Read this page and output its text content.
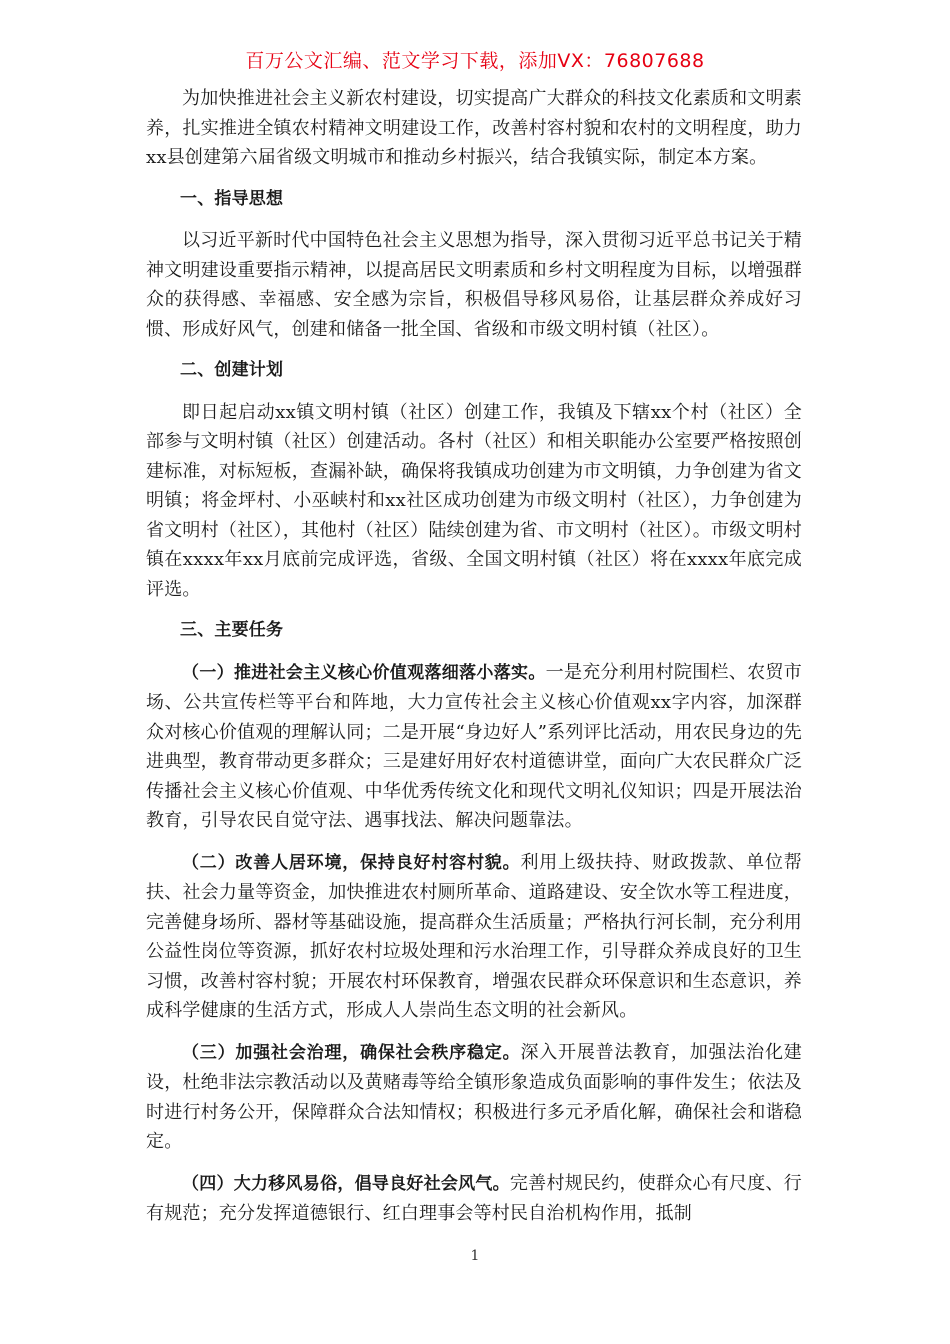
百万公文汇编、范文学习下载，添加VX：76807688

为加快推进社会主义新农村建设，切实提高广大群众的科技文化素质和文明素养，扎实推进全镇农村精神文明建设工作，改善村容村貌和农村的文明程度，助力xx县创建第六届省级文明城市和推动乡村振兴，结合我镇实际，制定本方案。

一、指导思想

以习近平新时代中国特色社会主义思想为指导，深入贯彻习近平总书记关于精神文明建设重要指示精神，以提高居民文明素质和乡村文明程度为目标，以增强群众的获得感、幸福感、安全感为宗旨，积极倡导移风易俗，让基层群众养成好习惯、形成好风气，创建和储备一批全国、省级和市级文明村镇（社区）。

二、创建计划

即日起启动xx镇文明村镇（社区）创建工作，我镇及下辖xx个村（社区）全部参与文明村镇（社区）创建活动。各村（社区）和相关职能办公室要严格按照创建标准，对标短板，查漏补缺，确保将我镇成功创建为市文明镇，力争创建为省文明镇；将金坪村、小巫峡村和xx社区成功创建为市级文明村（社区），力争创建为省文明村（社区），其他村（社区）陆续创建为省、市文明村（社区）。市级文明村镇在xxxx年xx月底前完成评选，省级、全国文明村镇（社区）将在xxxx年底完成评选。

三、主要任务

（一）推进社会主义核心价值观落细落小落实。一是充分利用村院围栏、农贸市场、公共宣传栏等平台和阵地，大力宣传社会主义核心价值观xx字内容，加深群众对核心价值观的理解认同；二是开展“身边好人”系列评比活动，用农民身边的先进典型，教育带动更多群众；三是建好用好农村道德讲堂，面向广大农民群众广泛传播社会主义核心价值观、中华优秀传统文化和现代文明礼仪知识；四是开展法治教育，引导农民自觉守法、遇事找法、解决问题靠法。

（二）改善人居环境，保持良好村容村貌。利用上级扶持、财政拨款、单位帮扶、社会力量等资金，加快推进农村厕所革命、道路建设、安全饮水等工程进度，完善健身场所、器材等基础设施，提高群众生活质量；严格执行河长制，充分利用公益性岗位等资源，抓好农村垃圾处理和污水治理工作，引导群众养成良好的卫生习惯，改善村容村貌；开展农村环保教育，增强农民群众环保意识和生态意识，养成科学健康的生活方式，形成人人崇尚生态文明的社会新风。

（三）加强社会治理，确保社会秩序稳定。深入开展普法教育，加强法治化建设，杜绝非法宗教活动以及黄赌毒等给全镇形象造成负面影响的事件发生；依法及时进行村务公开，保障群众合法知情权；积极进行多元矛盾化解，确保社会和谐稳定。

（四）大力移风易俗，倡导良好社会风气。完善村规民约，使群众心有尺度、行有规范；充分发挥道德银行、红白理事会等村民自治机构作用，抵制

1
